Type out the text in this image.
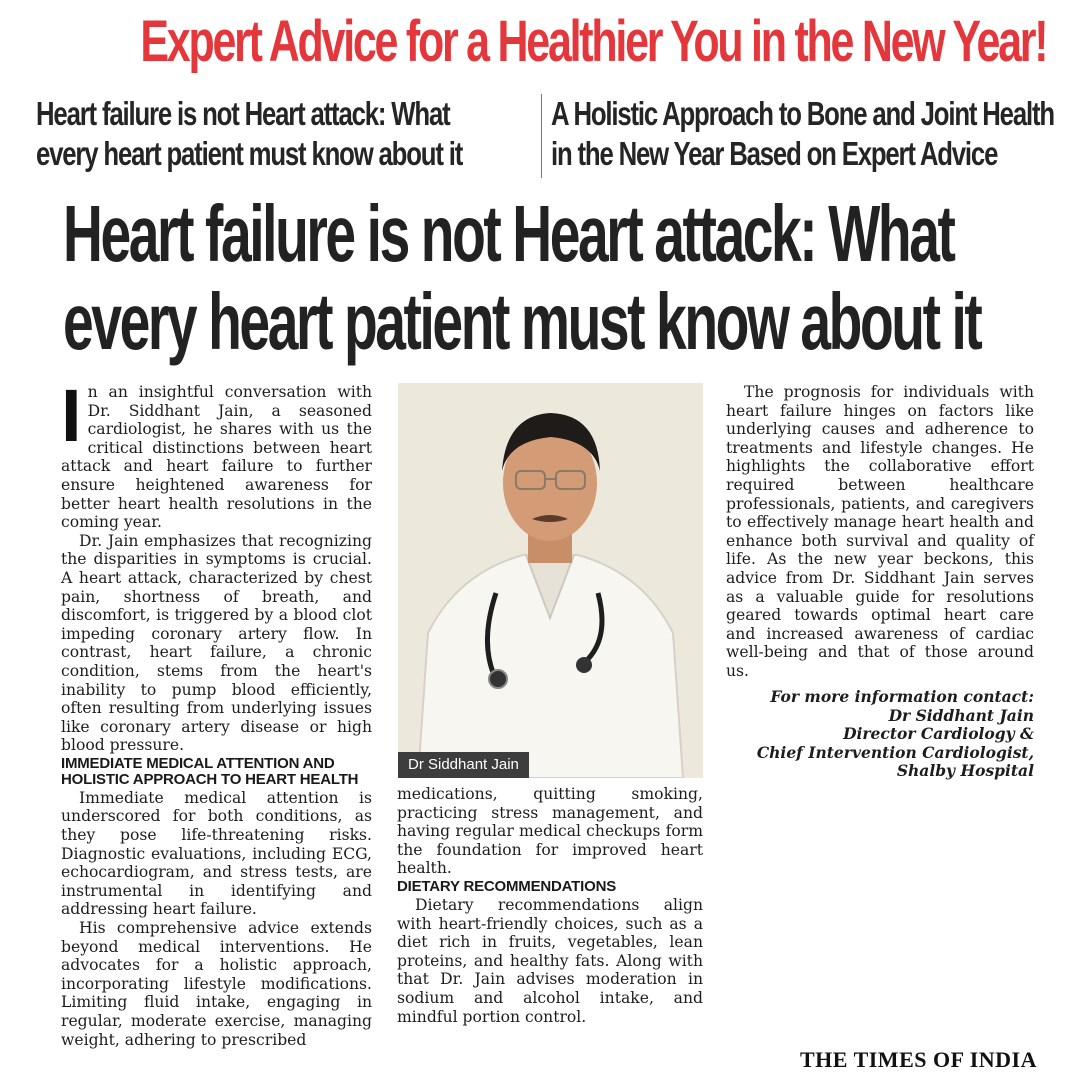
Expert Advice for a Healthier You in the New Year!
Heart failure is not Heart attack: What
every heart patient must know about it
A Holistic Approach to Bone and Joint Health
in the New Year Based on Expert Advice
Heart failure is not Heart attack: What
every heart patient must know about it
I n an insightful conversation with Dr. Siddhant Jain, a seasoned cardiologist, he shares with us the critical distinctions between heart attack and heart failure to further ensure heightened awareness for better heart health resolutions in the coming year.

Dr. Jain emphasizes that recognizing the disparities in symptoms is crucial. A heart attack, characterized by chest pain, shortness of breath, and discomfort, is triggered by a blood clot impeding coronary artery flow. In contrast, heart failure, a chronic condition, stems from the heart's inability to pump blood efficiently, often resulting from underlying issues like coronary artery disease or high blood pressure.

IMMEDIATE MEDICAL ATTENTION AND HOLISTIC APPROACH TO HEART HEALTH

Immediate medical attention is underscored for both conditions, as they pose life-threatening risks. Diagnostic evaluations, including ECG, echocardiogram, and stress tests, are instrumental in identifying and addressing heart failure.

His comprehensive advice extends beyond medical interventions. He advocates for a holistic approach, incorporating lifestyle modifications. Limiting fluid intake, engaging in regular, moderate exercise, managing weight, adhering to prescribed

Dr Siddhant Jain

medications, quitting smoking, practicing stress management, and having regular medical checkups form the foundation for improved heart health.

DIETARY RECOMMENDATIONS

Dietary recommendations align with heart-friendly choices, such as a diet rich in fruits, vegetables, lean proteins, and healthy fats. Along with that Dr. Jain advises moderation in sodium and alcohol intake, and mindful portion control.

The prognosis for individuals with heart failure hinges on factors like underlying causes and adherence to treatments and lifestyle changes. He highlights the collaborative effort required between healthcare professionals, patients, and caregivers to effectively manage heart health and enhance both survival and quality of life. As the new year beckons, this advice from Dr. Siddhant Jain serves as a valuable guide for resolutions geared towards optimal heart care and increased awareness of cardiac well-being and that of those around us.

For more information contact:
Dr Siddhant Jain
Director Cardiology &
Chief Intervention Cardiologist,
Shalby Hospital
THE TIMES OF INDIA
